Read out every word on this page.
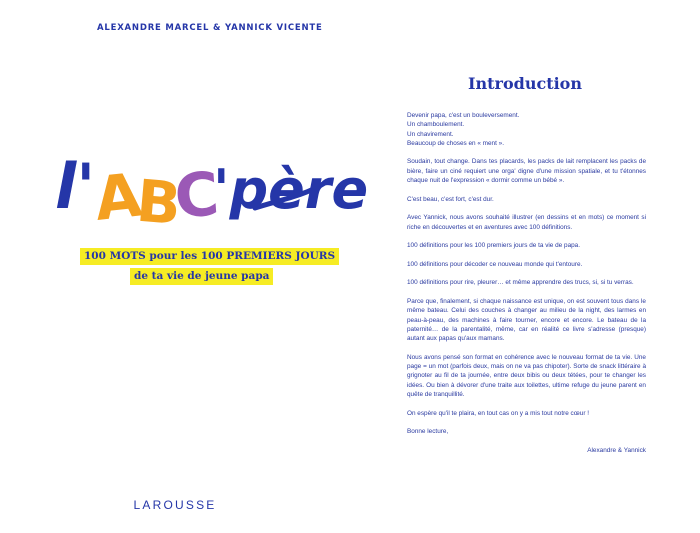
ALEXANDRE MARCEL & YANNICK VICENTE
l'
A
B
C
'père
100 MOTS pour les 100 PREMIERS JOURS
de ta vie de jeune papa
LAROUSSE
Introduction

Devenir papa, c'est un bouleversement.
Un chamboulement.
Un chavirement.
Beaucoup de choses en « ment ».

Soudain, tout change. Dans tes placards, les packs de lait remplacent les packs de bière, faire un ciné requiert une orga' digne d'une mission spatiale, et tu t'étonnes chaque nuit de l'expression « dormir comme un bébé ».

C'est beau, c'est fort, c'est dur.

Avec Yannick, nous avons souhaité illustrer (en dessins et en mots) ce moment si riche en découvertes et en aventures avec 100 définitions.

100 définitions pour les 100 premiers jours de ta vie de papa.

100 définitions pour décoder ce nouveau monde qui t'entoure.

100 définitions pour rire, pleurer… et même apprendre des trucs, si, si tu verras.

Parce que, finalement, si chaque naissance est unique, on est souvent tous dans le même bateau. Celui des couches à changer au milieu de la night, des larmes en peau-à-peau, des machines à faire tourner, encore et encore. Le bateau de la paternité… de la parentalité, même, car en réalité ce livre s'adresse (presque) autant aux papas qu'aux mamans.

Nous avons pensé son format en cohérence avec le nouveau format de ta vie. Une page = un mot (parfois deux, mais on ne va pas chipoter). Sorte de snack littéraire à grignoter au fil de ta journée, entre deux bibis ou deux tétées, pour te changer les idées. Ou bien à dévorer d'une traite aux toilettes, ultime refuge du jeune parent en quête de tranquillité.

On espère qu'il te plaira, en tout cas on y a mis tout notre cœur !

Bonne lecture,

Alexandre & Yannick
